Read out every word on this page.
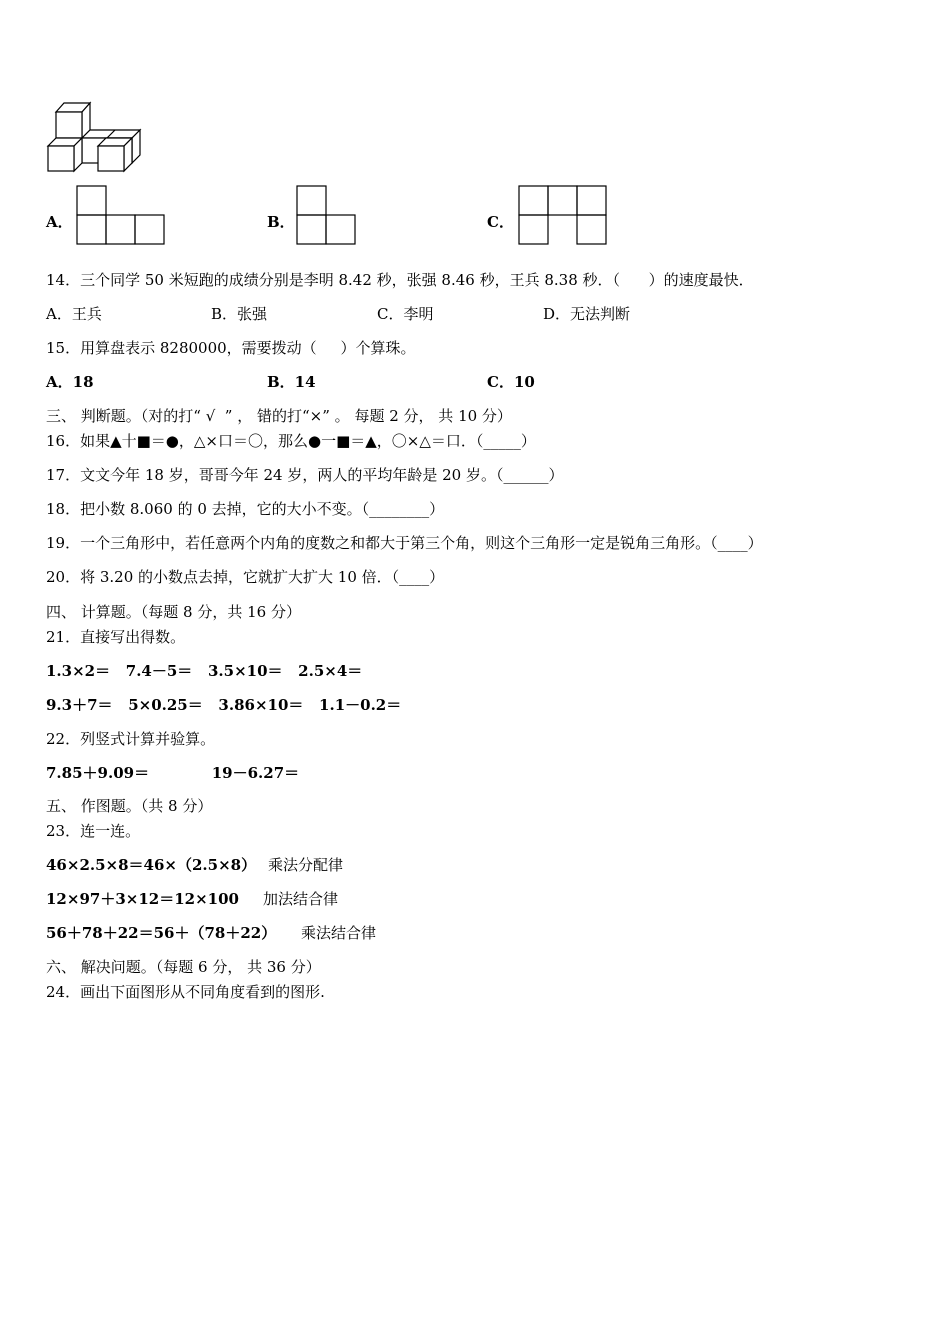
A．	B．	C．
14．三个同学 50 米短跑的成绩分别是李明 8.42 秒，张强 8.46 秒，王兵 8.38 秒．（      ）的速度最快．
A．王兵	B．张强	C．李明	D．无法判断
15．用算盘表示 8280000，需要拨动（     ）个算珠。
A．18	B．14	C．10
三、 判断题。（对的打“ √  ” ， 错的打“×” 。 每题 2 分， 共 10 分）
16．如果▲十■＝●，△×口＝〇，那么●一■＝▲，〇×△＝口．（_____）
17．文文今年 18 岁，哥哥今年 24 岁，两人的平均年龄是 20 岁。（______）
18．把小数 8.060 的 0 去掉，它的大小不变。（________）
19．一个三角形中，若任意两个内角的度数之和都大于第三个角，则这个三角形一定是锐角三角形。（____）
20．将 3.20 的小数点去掉，它就扩大扩大 10 倍．（____）
四、 计算题。（每题 8 分，共 16 分）
21．直接写出得数。
1.3×2＝   7.4－5＝   3.5×10＝   2.5×4＝
9.3＋7＝   5×0.25＝   3.86×10＝   1.1－0.2＝
22．列竖式计算并验算。
7.85＋9.09＝            19－6.27＝
五、 作图题。（共 8 分）
23．连一连。
46×2.5×8＝46×（2.5×8） 乘法分配律
12×97＋3×12＝12×100 加法结合律
56＋78＋22＝56＋（78＋22） 乘法结合律
六、 解决问题。（每题 6 分， 共 36 分）
24．画出下面图形从不同角度看到的图形.
